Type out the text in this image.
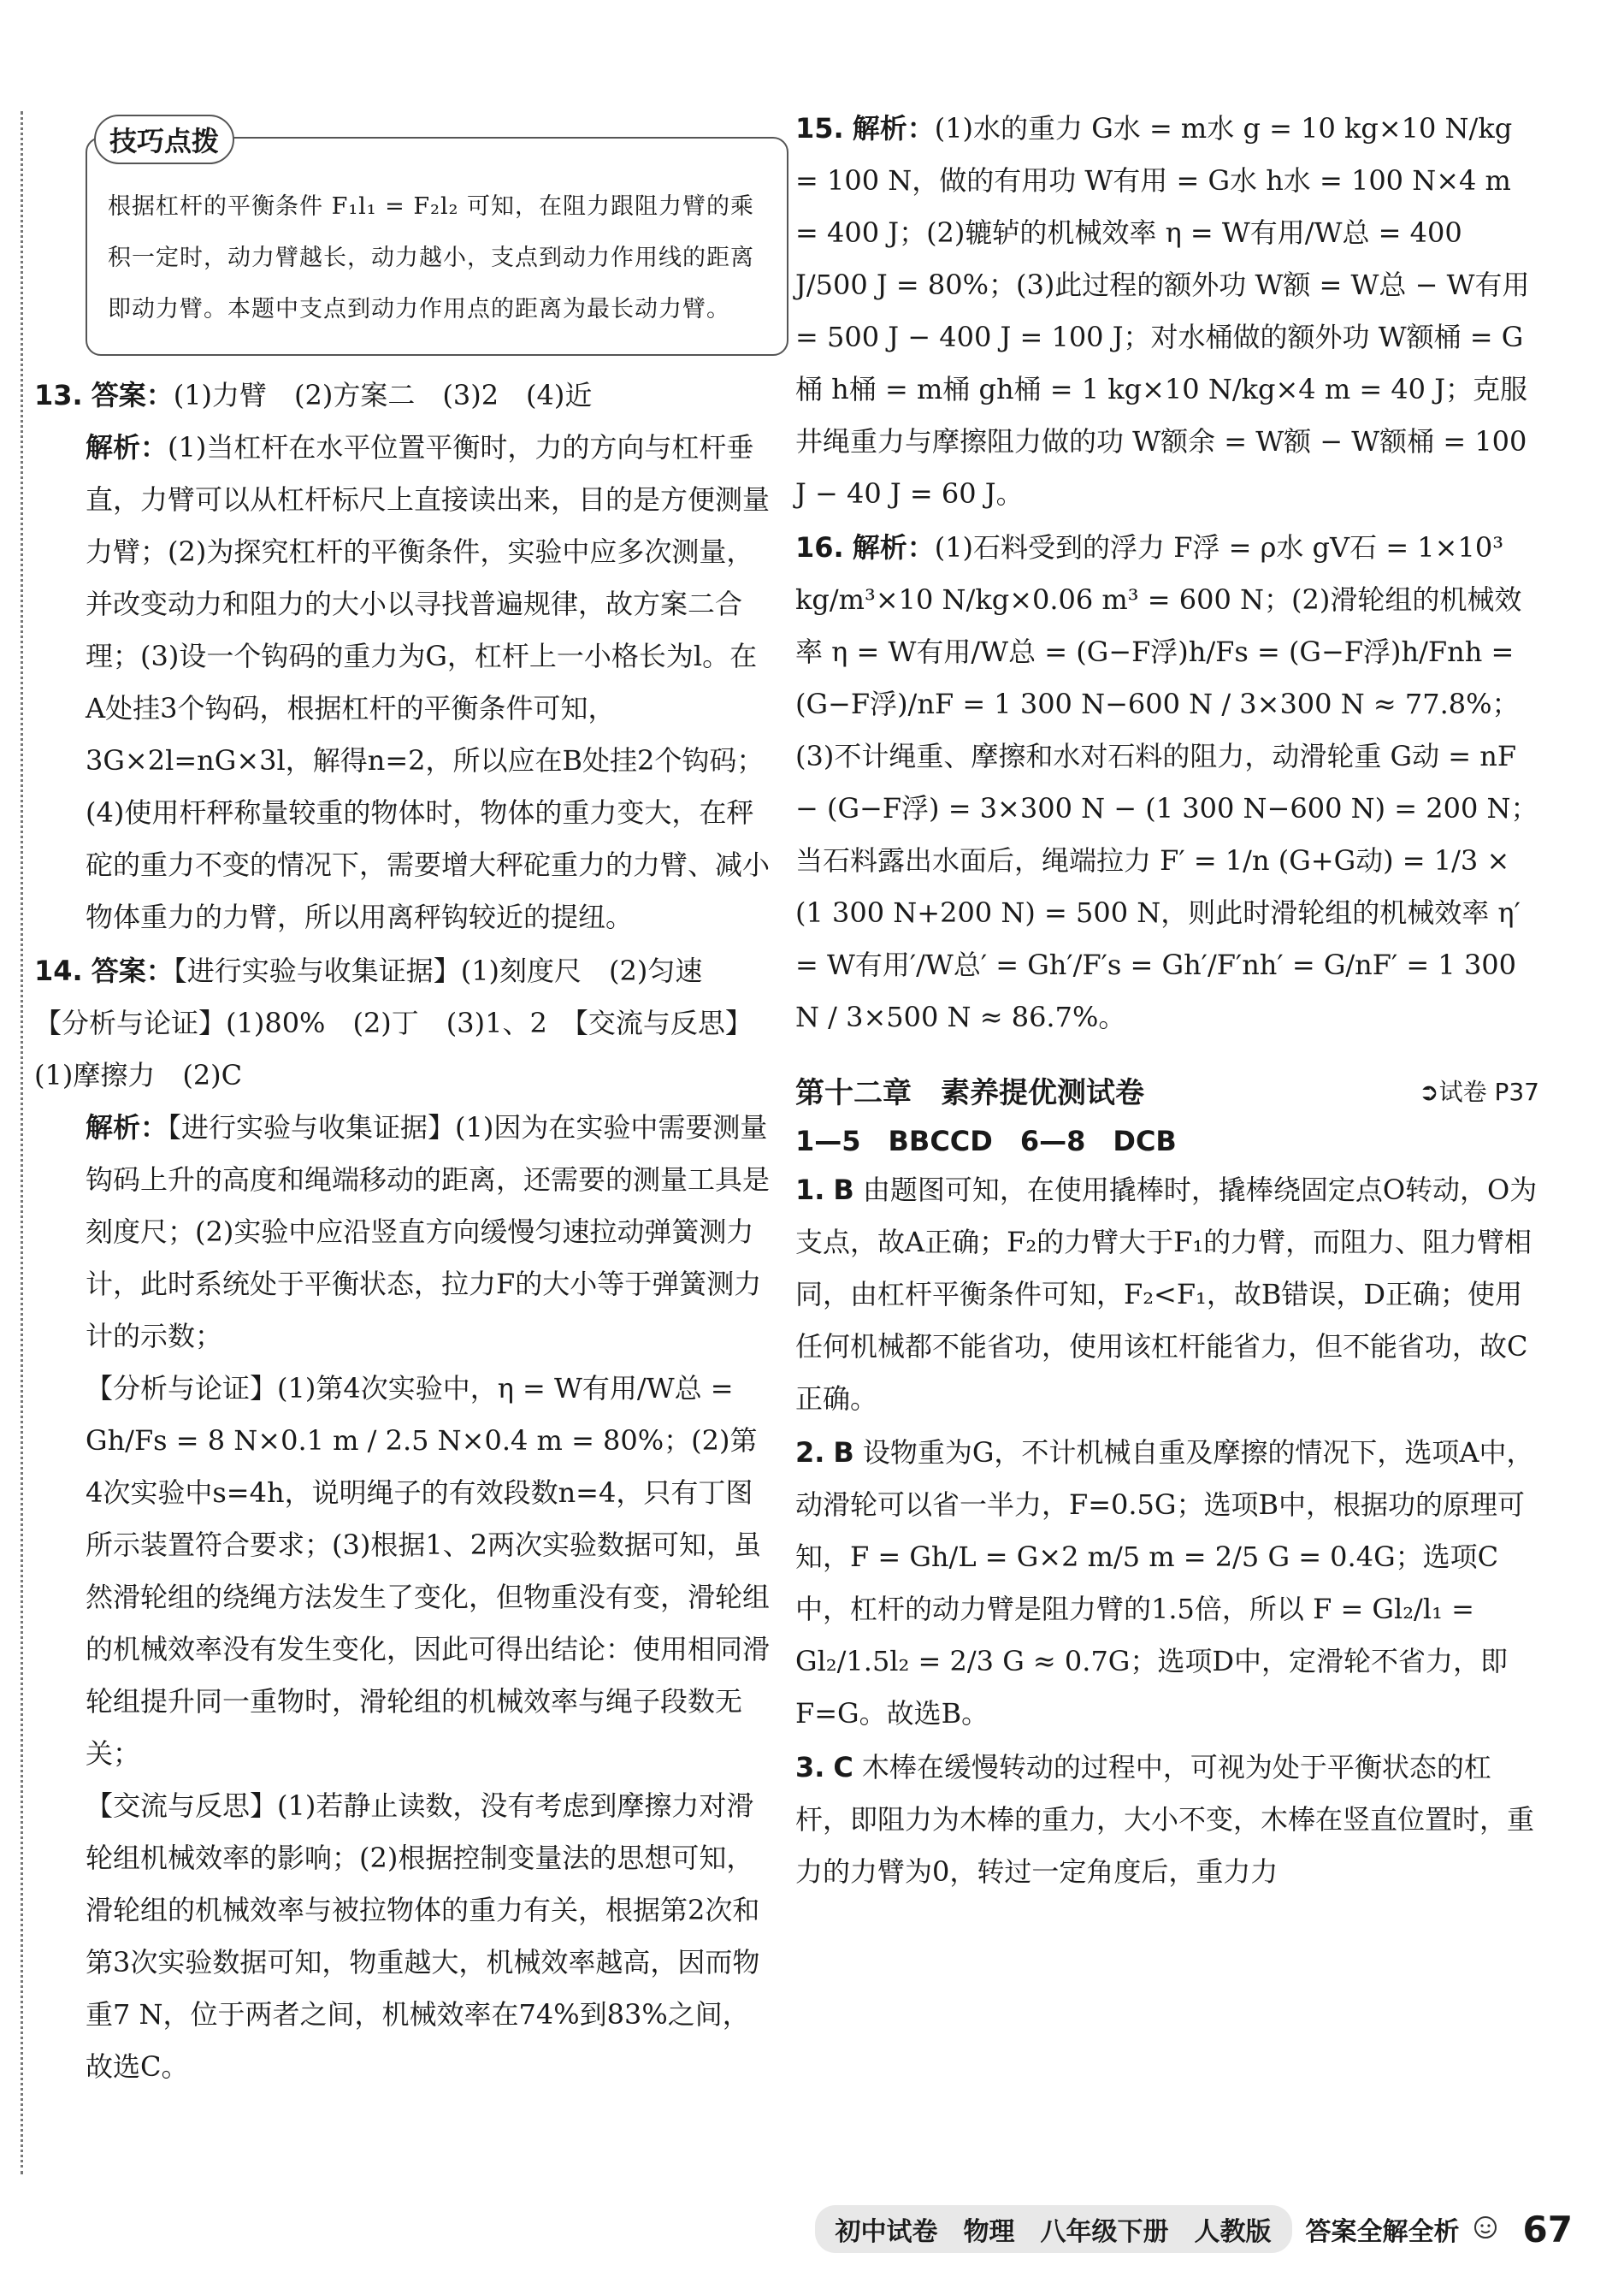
技巧点拨
根据杠杆的平衡条件 F₁l₁ = F₂l₂ 可知，在阻力跟阻力臂的乘积一定时，动力臂越长，动力越小，支点到动力作用线的距离即动力臂。本题中支点到动力作用点的距离为最长动力臂。
13. 答案：(1)力臂　(2)方案二　(3)2　(4)近
解析：(1)当杠杆在水平位置平衡时，力的方向与杠杆垂直，力臂可以从杠杆标尺上直接读出来，目的是方便测量力臂；(2)为探究杠杆的平衡条件，实验中应多次测量，并改变动力和阻力的大小以寻找普遍规律，故方案二合理；(3)设一个钩码的重力为G，杠杆上一小格长为l。在A处挂3个钩码，根据杠杆的平衡条件可知，3G×2l=nG×3l，解得n=2，所以应在B处挂2个钩码；(4)使用杆秤称量较重的物体时，物体的重力变大，在秤砣的重力不变的情况下，需要增大秤砣重力的力臂、减小物体重力的力臂，所以用离秤钩较近的提纽。
14. 答案：【进行实验与收集证据】(1)刻度尺　(2)匀速　【分析与论证】(1)80%　(2)丁　(3)1、2　【交流与反思】(1)摩擦力　(2)C
解析：【进行实验与收集证据】(1)因为在实验中需要测量钩码上升的高度和绳端移动的距离，还需要的测量工具是刻度尺；(2)实验中应沿竖直方向缓慢匀速拉动弹簧测力计，此时系统处于平衡状态，拉力F的大小等于弹簧测力计的示数；
【分析与论证】(1)第4次实验中，η = W有用/W总 = Gh/Fs = 8 N×0.1 m / 2.5 N×0.4 m = 80%；(2)第4次实验中s=4h，说明绳子的有效段数n=4，只有丁图所示装置符合要求；(3)根据1、2两次实验数据可知，虽然滑轮组的绕绳方法发生了变化，但物重没有变，滑轮组的机械效率没有发生变化，因此可得出结论：使用相同滑轮组提升同一重物时，滑轮组的机械效率与绳子段数无关；
【交流与反思】(1)若静止读数，没有考虑到摩擦力对滑轮组机械效率的影响；(2)根据控制变量法的思想可知，滑轮组的机械效率与被拉物体的重力有关，根据第2次和第3次实验数据可知，物重越大，机械效率越高，因而物重7 N，位于两者之间，机械效率在74%到83%之间，故选C。
15. 解析：(1)水的重力 G水 = m水 g = 10 kg×10 N/kg = 100 N，做的有用功 W有用 = G水 h水 = 100 N×4 m = 400 J；(2)辘轳的机械效率 η = W有用/W总 = 400 J/500 J = 80%；(3)此过程的额外功 W额 = W总 − W有用 = 500 J − 400 J = 100 J；对水桶做的额外功 W额桶 = G桶 h桶 = m桶 gh桶 = 1 kg×10 N/kg×4 m = 40 J；克服井绳重力与摩擦阻力做的功 W额余 = W额 − W额桶 = 100 J − 40 J = 60 J。
16. 解析：(1)石料受到的浮力 F浮 = ρ水 gV石 = 1×10³ kg/m³×10 N/kg×0.06 m³ = 600 N；(2)滑轮组的机械效率 η = W有用/W总 = (G−F浮)h/Fs = (G−F浮)h/Fnh = (G−F浮)/nF = 1 300 N−600 N / 3×300 N ≈ 77.8%；(3)不计绳重、摩擦和水对石料的阻力，动滑轮重 G动 = nF − (G−F浮) = 3×300 N − (1 300 N−600 N) = 200 N；当石料露出水面后，绳端拉力 F′ = 1/n (G+G动) = 1/3 × (1 300 N+200 N) = 500 N，则此时滑轮组的机械效率 η′ = W有用′/W总′ = Gh′/F′s = Gh′/F′nh′ = G/nF′ = 1 300 N / 3×500 N ≈ 86.7%。
第十二章　素养提优测试卷	➲试卷 P37
1—5　BBCCD　6—8　DCB
1. B 由题图可知，在使用撬棒时，撬棒绕固定点O转动，O为支点，故A正确；F₂的力臂大于F₁的力臂，而阻力、阻力臂相同，由杠杆平衡条件可知，F₂<F₁，故B错误，D正确；使用任何机械都不能省功，使用该杠杆能省力，但不能省功，故C正确。
2. B 设物重为G，不计机械自重及摩擦的情况下，选项A中，动滑轮可以省一半力，F=0.5G；选项B中，根据功的原理可知，F = Gh/L = G×2 m/5 m = 2/5 G = 0.4G；选项C中，杠杆的动力臂是阻力臂的1.5倍，所以 F = Gl₂/l₁ = Gl₂/1.5l₂ = 2/3 G ≈ 0.7G；选项D中，定滑轮不省力，即F=G。故选B。
3. C 木棒在缓慢转动的过程中，可视为处于平衡状态的杠杆，即阻力为木棒的重力，大小不变，木棒在竖直位置时，重力的力臂为0，转过一定角度后，重力力
初中试卷　物理　八年级下册　人教版	答案全解全析 67
